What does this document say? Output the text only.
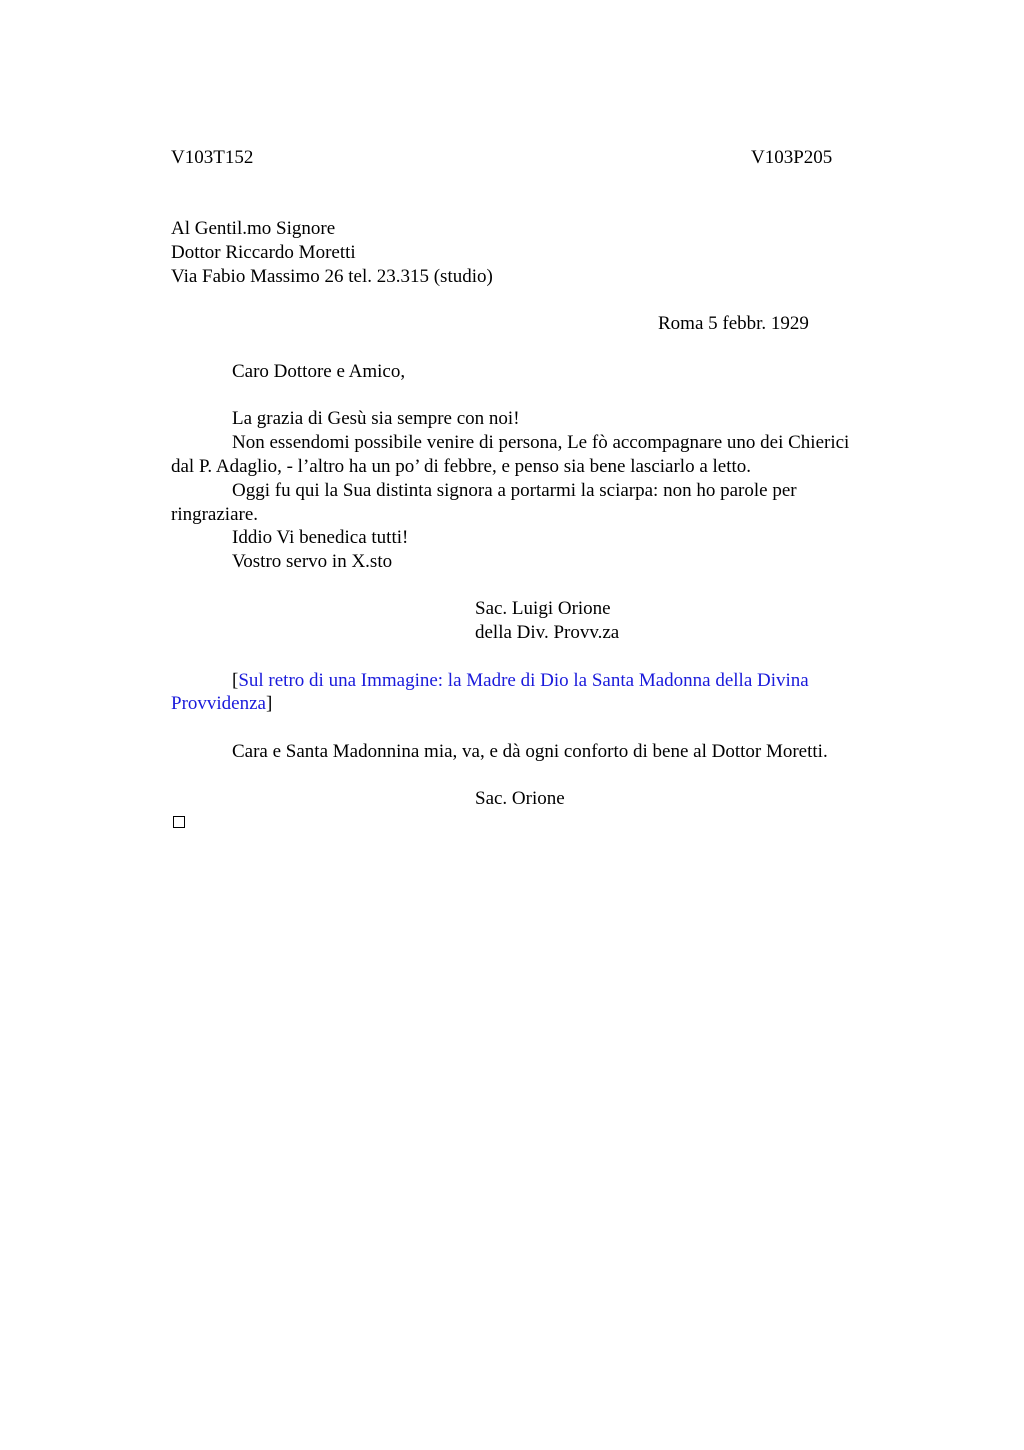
V103T152	V103P205
Al Gentil.mo Signore
Dottor Riccardo Moretti
Via Fabio Massimo 26 tel. 23.315 (studio)
Roma 5 febbr. 1929
Caro Dottore e Amico,
La grazia di Gesù sia sempre con noi!
Non essendomi possibile venire di persona, Le fò accompagnare uno dei Chierici
dal P. Adaglio, - l’altro ha un po’ di febbre, e penso sia bene lasciarlo a letto.
Oggi fu qui la Sua distinta signora a portarmi la sciarpa: non ho parole per
ringraziare.
Iddio Vi benedica tutti!
Vostro servo in X.sto
Sac. Luigi Orione
della Div. Provv.za
[Sul retro di una Immagine: la Madre di Dio la Santa Madonna della Divina
Provvidenza]
Cara e Santa Madonnina mia, va, e dà ogni conforto di bene al Dottor Moretti.
Sac. Orione
